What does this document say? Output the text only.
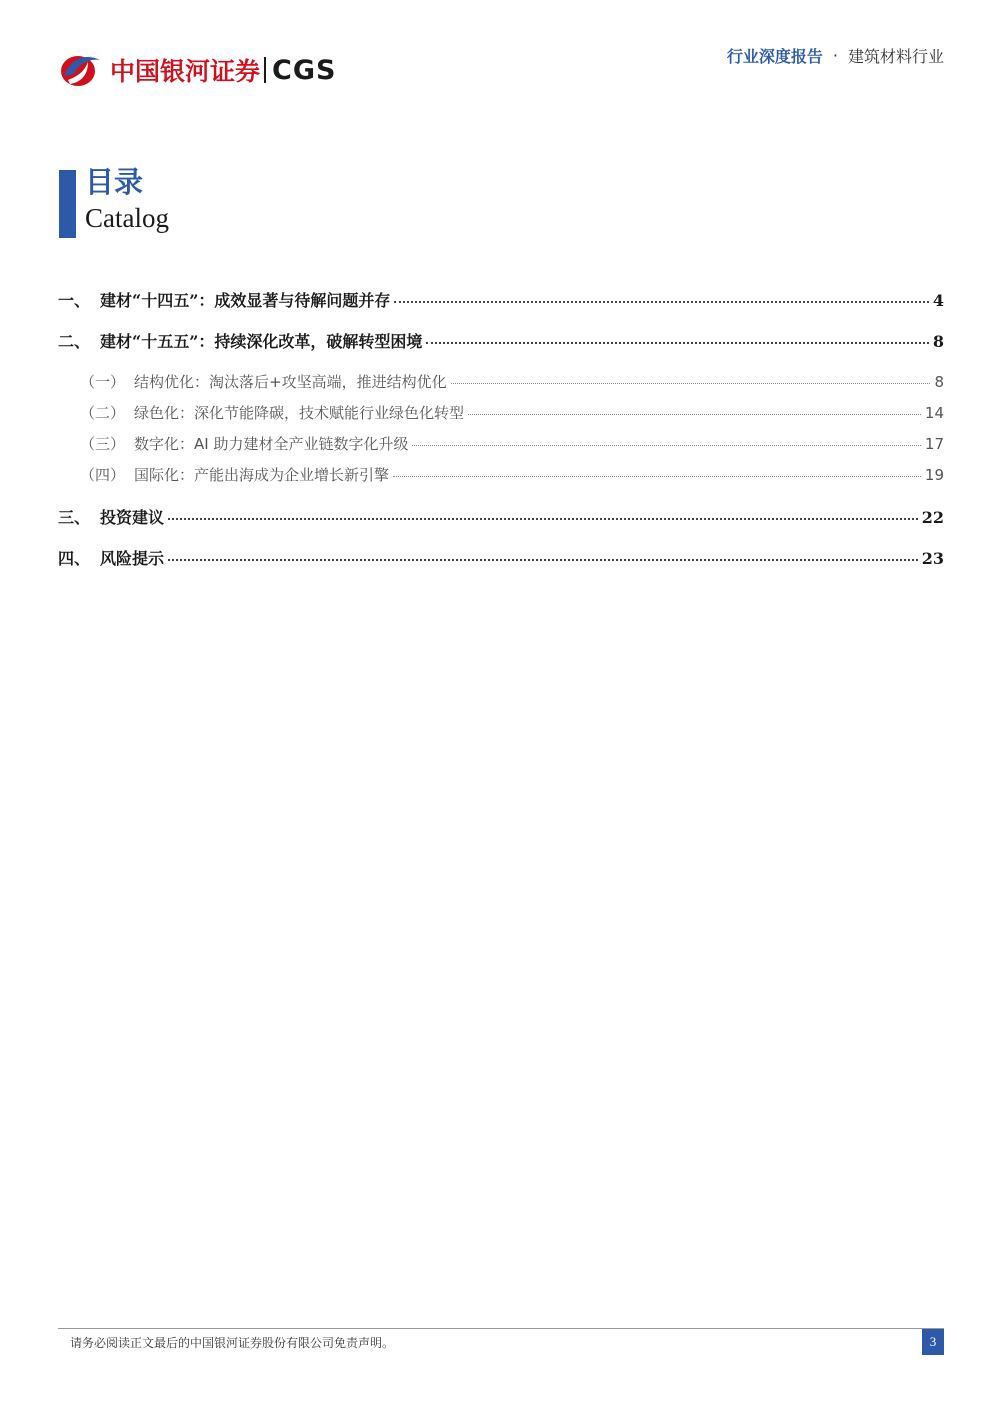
中国银河证券 CGS	行业深度报告 · 建筑材料行业
目录
Catalog
一、 建材“十四五”：成效显著与待解问题并存	4
二、 建材“十五五”：持续深化改革，破解转型困境	8
（一） 结构优化：淘汰落后+攻坚高端，推进结构优化	8
（二） 绿色化：深化节能降碳，技术赋能行业绿色化转型	14
（三） 数字化：AI 助力建材全产业链数字化升级	17
（四） 国际化：产能出海成为企业增长新引擎	19
三、 投资建议	22
四、 风险提示	23
请务必阅读正文最后的中国银河证券股份有限公司免责声明。	3
